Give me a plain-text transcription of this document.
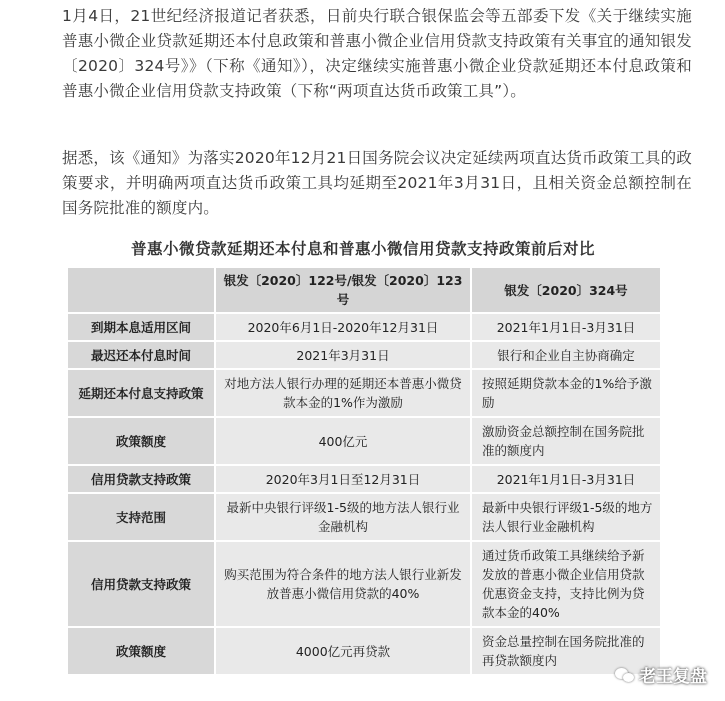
1月4日，21世纪经济报道记者获悉，日前央行联合银保监会等五部委下发《关于继续实施普惠小微企业贷款延期还本付息政策和普惠小微企业信用贷款支持政策有关事宜的通知银发〔2020〕324号》》（下称《通知》），决定继续实施普惠小微企业贷款延期还本付息政策和普惠小微企业信用贷款支持政策（下称“两项直达货币政策工具”）。

据悉，该《通知》为落实2020年12月21日国务院会议决定延续两项直达货币政策工具的政策要求，并明确两项直达货币政策工具均延期至2021年3月31日，且相关资金总额控制在国务院批准的额度内。

普惠小微贷款延期还本付息和普惠小微信用贷款支持政策前后对比
	银发〔2020〕122号/银发〔2020〕123号	银发〔2020〕324号
到期本息适用区间	2020年6月1日-2020年12月31日	2021年1月1日-3月31日
最迟还本付息时间	2021年3月31日	银行和企业自主协商确定
延期还本付息支持政策	对地方法人银行办理的延期还本普惠小微贷款本金的1%作为激励	按照延期贷款本金的1%给予激励
政策额度	400亿元	激励资金总额控制在国务院批准的额度内
信用贷款支持政策	2020年3月1日至12月31日	2021年1月1日-3月31日
支持范围	最新中央银行评级1-5级的地方法人银行业金融机构	最新中央银行评级1-5级的地方法人银行业金融机构
信用贷款支持政策	购买范围为符合条件的地方法人银行业新发放普惠小微信用贷款的40%	通过货币政策工具继续给予新发放的普惠小微企业信用贷款优惠资金支持，支持比例为贷款本金的40%
政策额度	4000亿元再贷款	资金总量控制在国务院批准的再贷款额度内
老王复盘
